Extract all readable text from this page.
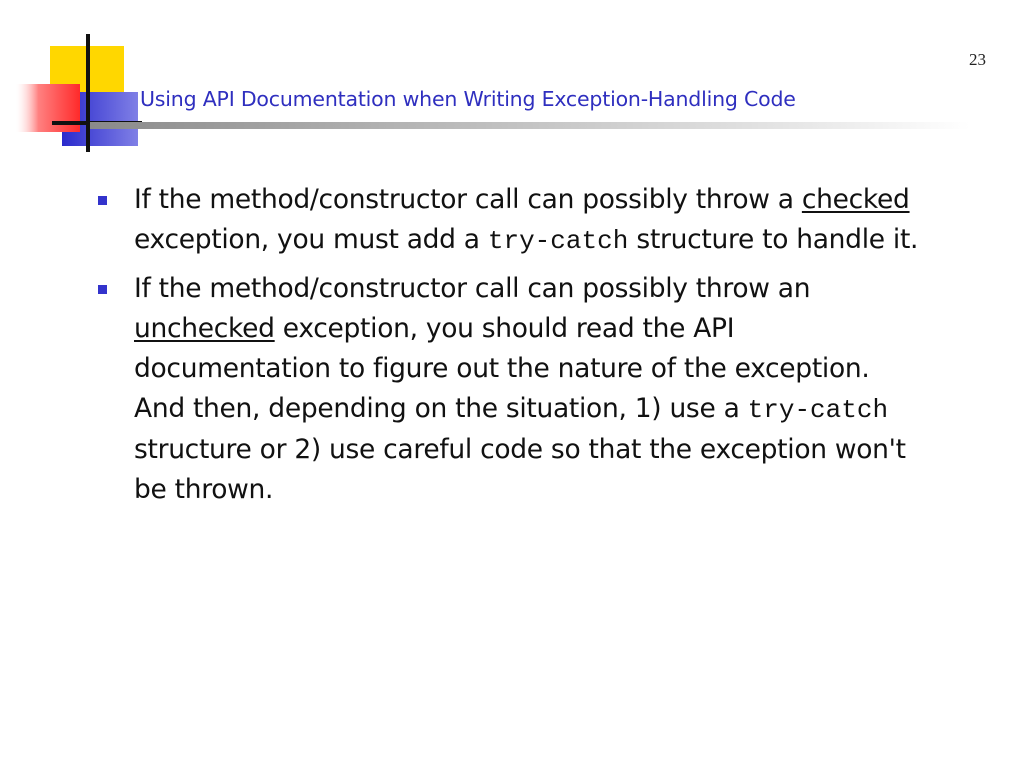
23
Using API Documentation when Writing Exception-Handling Code
If the method/constructor call can possibly throw a checked exception, you must add a try-catch structure to handle it.
If the method/constructor call can possibly throw an unchecked exception, you should read the API documentation to figure out the nature of the exception. And then, depending on the situation, 1) use a try-catch structure or 2) use careful code so that the exception won't be thrown.
